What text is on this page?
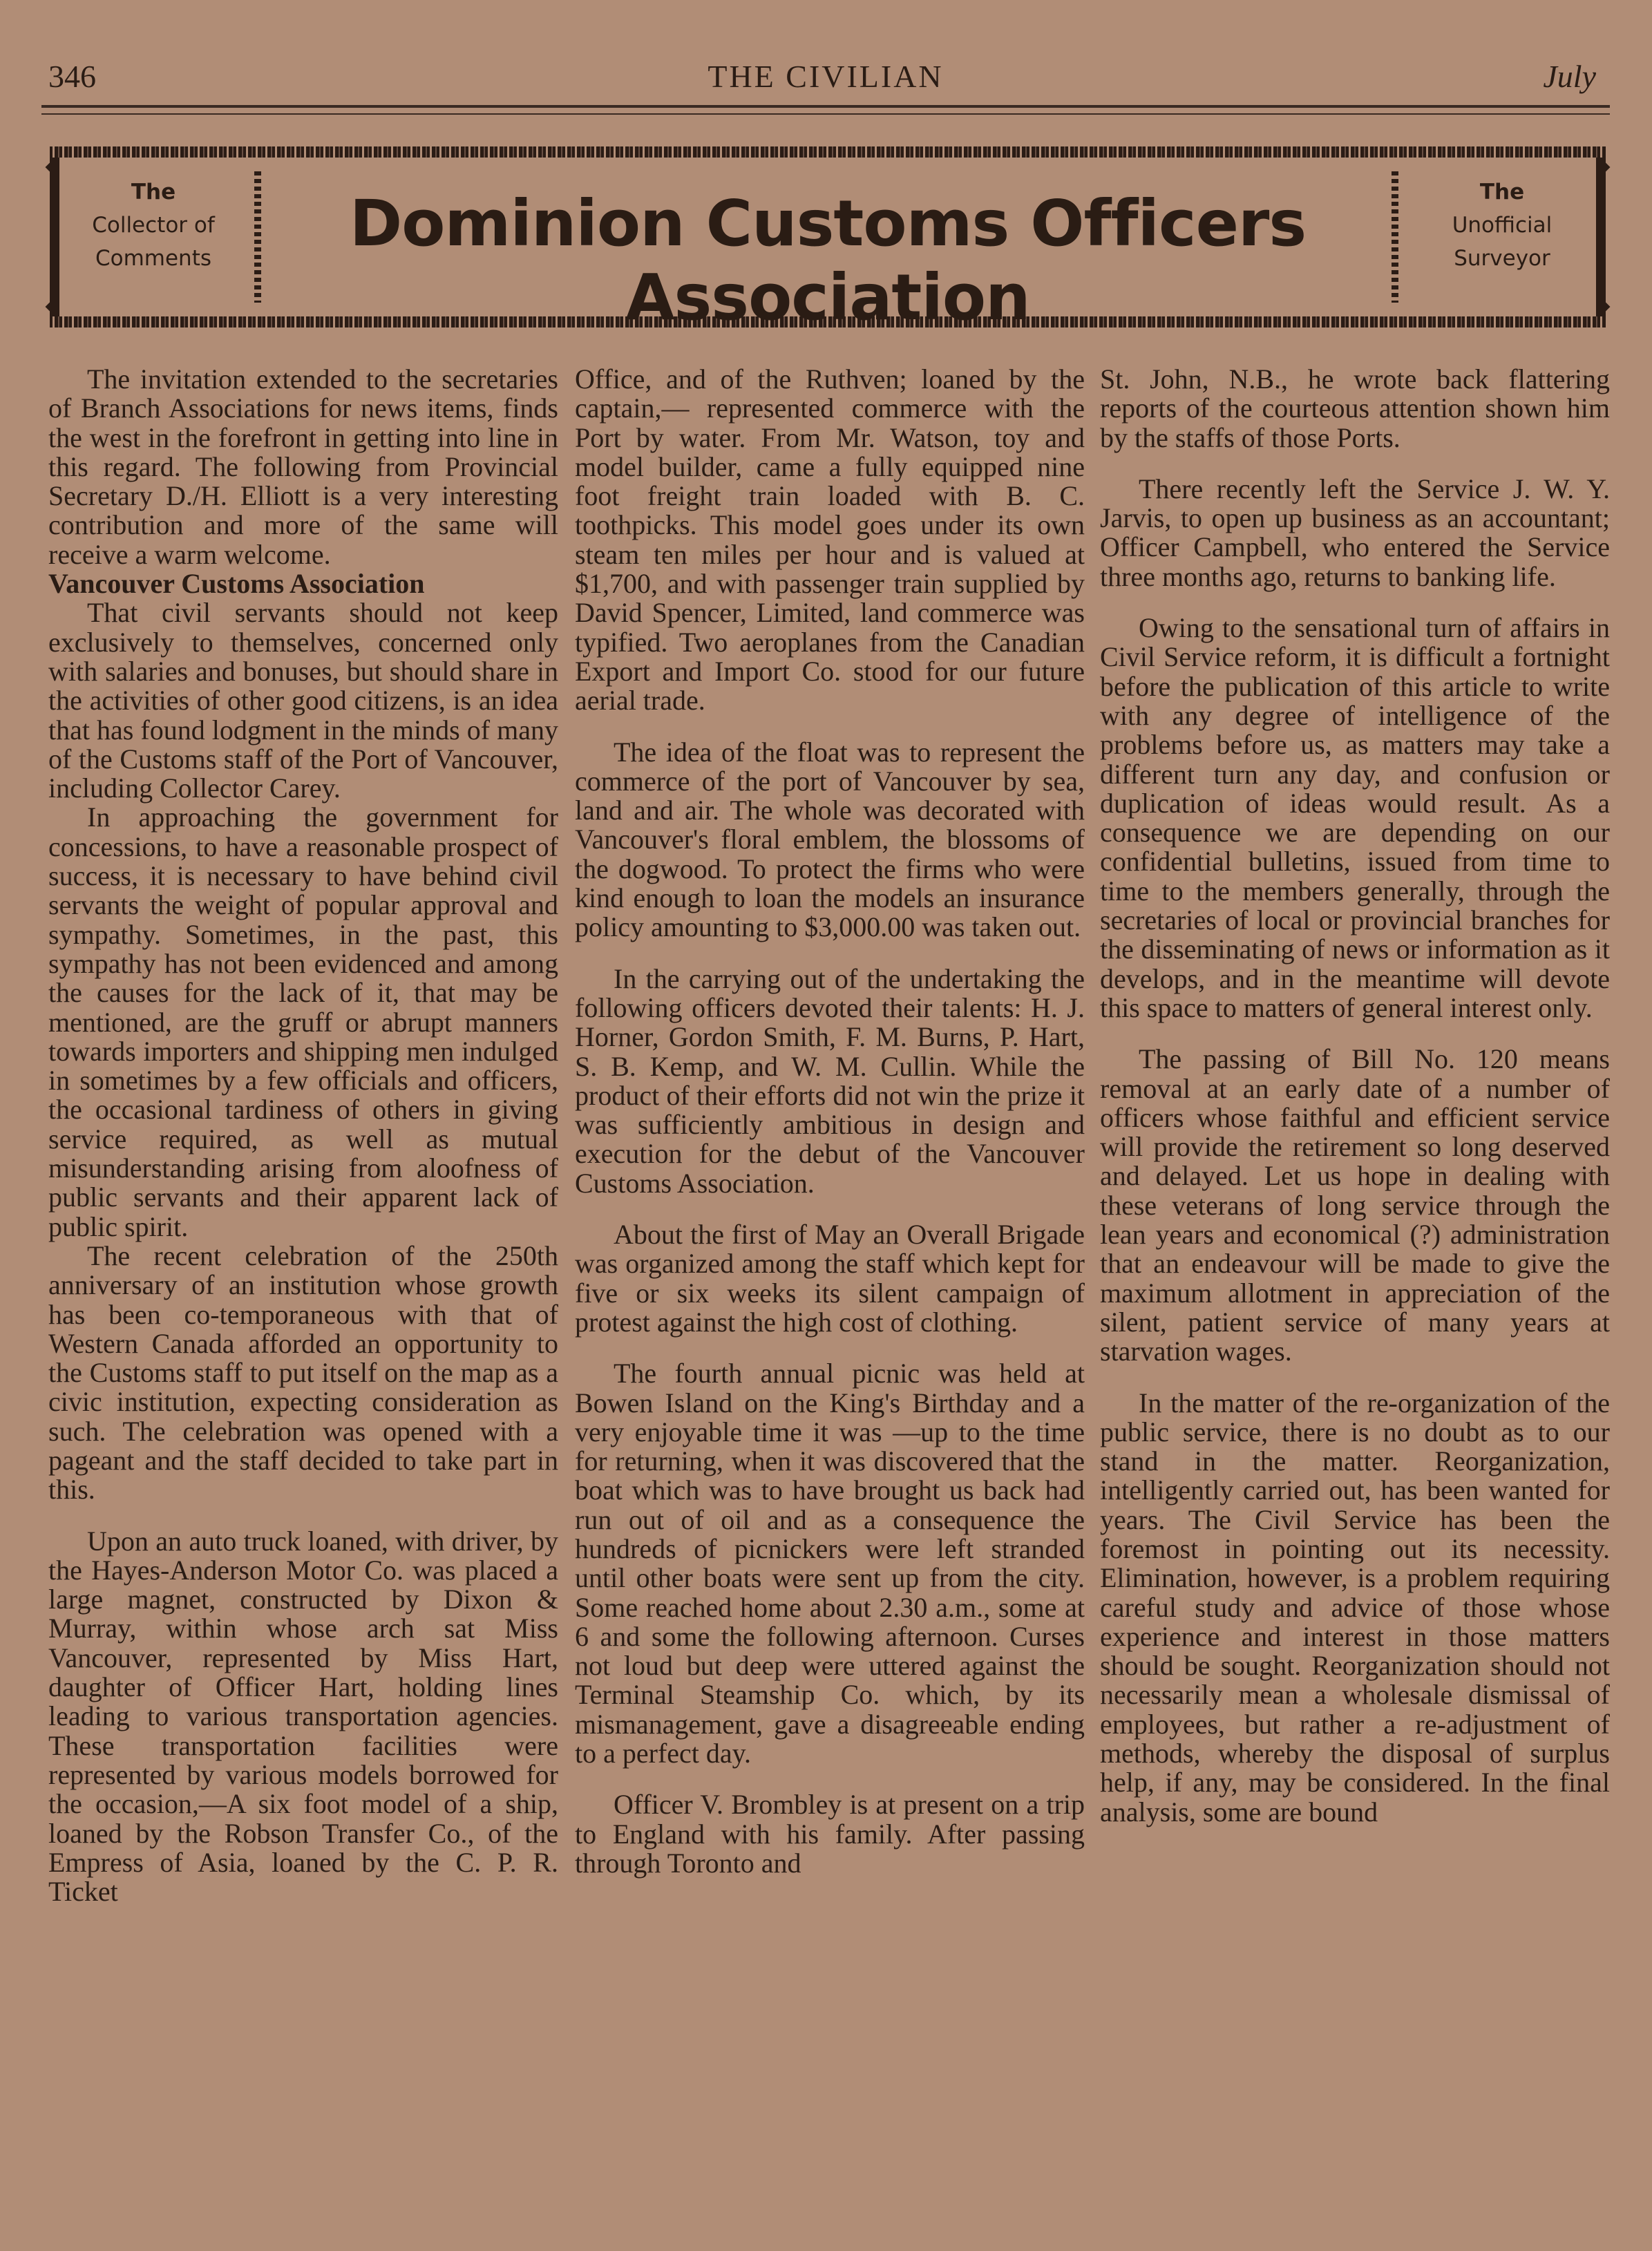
346	THE CIVILIAN	July
The
Collector of
Comments	Dominion Customs Officers Association
The
Unofficial
Surveyor

The invitation extended to the secretaries of Branch Associations for news items, finds the west in the forefront in getting into line in this regard. The following from Provincial Secretary D./H. Elliott is a very interesting contribution and more of the same will receive a warm welcome.

Vancouver Customs Association

That civil servants should not keep exclusively to themselves, concerned only with salaries and bonuses, but should share in the activities of other good citizens, is an idea that has found lodgment in the minds of many of the Customs staff of the Port of Vancouver, including Collector Carey.

In approaching the government for concessions, to have a reasonable prospect of success, it is necessary to have behind civil servants the weight of popular approval and sympathy. Sometimes, in the past, this sympathy has not been evidenced and among the causes for the lack of it, that may be mentioned, are the gruff or abrupt manners towards importers and shipping men indulged in sometimes by a few officials and officers, the occasional tardiness of others in giving service required, as well as mutual misunderstanding arising from aloofness of public servants and their apparent lack of public spirit.

The recent celebration of the 250th anniversary of an institution whose growth has been co-temporaneous with that of Western Canada afforded an opportunity to the Customs staff to put itself on the map as a civic institution, expecting consideration as such. The celebration was opened with a pageant and the staff decided to take part in this.

Upon an auto truck loaned, with driver, by the Hayes-Anderson Motor Co. was placed a large magnet, constructed by Dixon & Murray, within whose arch sat Miss Vancouver, represented by Miss Hart, daughter of Officer Hart, holding lines leading to various transportation agencies. These transportation facilities were represented by various models borrowed for the occasion,—A six foot model of a ship, loaned by the Robson Transfer Co., of the Empress of Asia, loaned by the C. P. R. Ticket

Office, and of the Ruthven; loaned by the captain,— represented commerce with the Port by water. From Mr. Watson, toy and model builder, came a fully equipped nine foot freight train loaded with B. C. toothpicks. This model goes under its own steam ten miles per hour and is valued at $1,700, and with passenger train supplied by David Spencer, Limited, land commerce was typified. Two aeroplanes from the Canadian Export and Import Co. stood for our future aerial trade.

The idea of the float was to represent the commerce of the port of Vancouver by sea, land and air. The whole was decorated with Vancouver's floral emblem, the blossoms of the dogwood. To protect the firms who were kind enough to loan the models an insurance policy amounting to $3,000.00 was taken out.

In the carrying out of the undertaking the following officers devoted their talents: H. J. Horner, Gordon Smith, F. M. Burns, P. Hart, S. B. Kemp, and W. M. Cullin. While the product of their efforts did not win the prize it was sufficiently ambitious in design and execution for the debut of the Vancouver Customs Association.

About the first of May an Overall Brigade was organized among the staff which kept for five or six weeks its silent campaign of protest against the high cost of clothing.

The fourth annual picnic was held at Bowen Island on the King's Birthday and a very enjoyable time it was —up to the time for returning, when it was discovered that the boat which was to have brought us back had run out of oil and as a consequence the hundreds of picnickers were left stranded until other boats were sent up from the city. Some reached home about 2.30 a.m., some at 6 and some the following afternoon. Curses not loud but deep were uttered against the Terminal Steamship Co. which, by its mismanagement, gave a disagreeable ending to a perfect day.

Officer V. Brombley is at present on a trip to England with his family. After passing through Toronto and

St. John, N.B., he wrote back flattering reports of the courteous attention shown him by the staffs of those Ports.

There recently left the Service J. W. Y. Jarvis, to open up business as an accountant; Officer Campbell, who entered the Service three months ago, returns to banking life.

Owing to the sensational turn of affairs in Civil Service reform, it is difficult a fortnight before the publication of this article to write with any degree of intelligence of the problems before us, as matters may take a different turn any day, and confusion or duplication of ideas would result. As a consequence we are depending on our confidential bulletins, issued from time to time to the members generally, through the secretaries of local or provincial branches for the disseminating of news or information as it develops, and in the meantime will devote this space to matters of general interest only.

The passing of Bill No. 120 means removal at an early date of a number of officers whose faithful and efficient service will provide the retirement so long deserved and delayed. Let us hope in dealing with these veterans of long service through the lean years and economical (?) administration that an endeavour will be made to give the maximum allotment in appreciation of the silent, patient service of many years at starvation wages.

In the matter of the re-organization of the public service, there is no doubt as to our stand in the matter. Reorganization, intelligently carried out, has been wanted for years. The Civil Service has been the foremost in pointing out its necessity. Elimination, however, is a problem requiring careful study and advice of those whose experience and interest in those matters should be sought. Reorganization should not necessarily mean a wholesale dismissal of employees, but rather a re-adjustment of methods, whereby the disposal of surplus help, if any, may be considered. In the final analysis, some are bound
